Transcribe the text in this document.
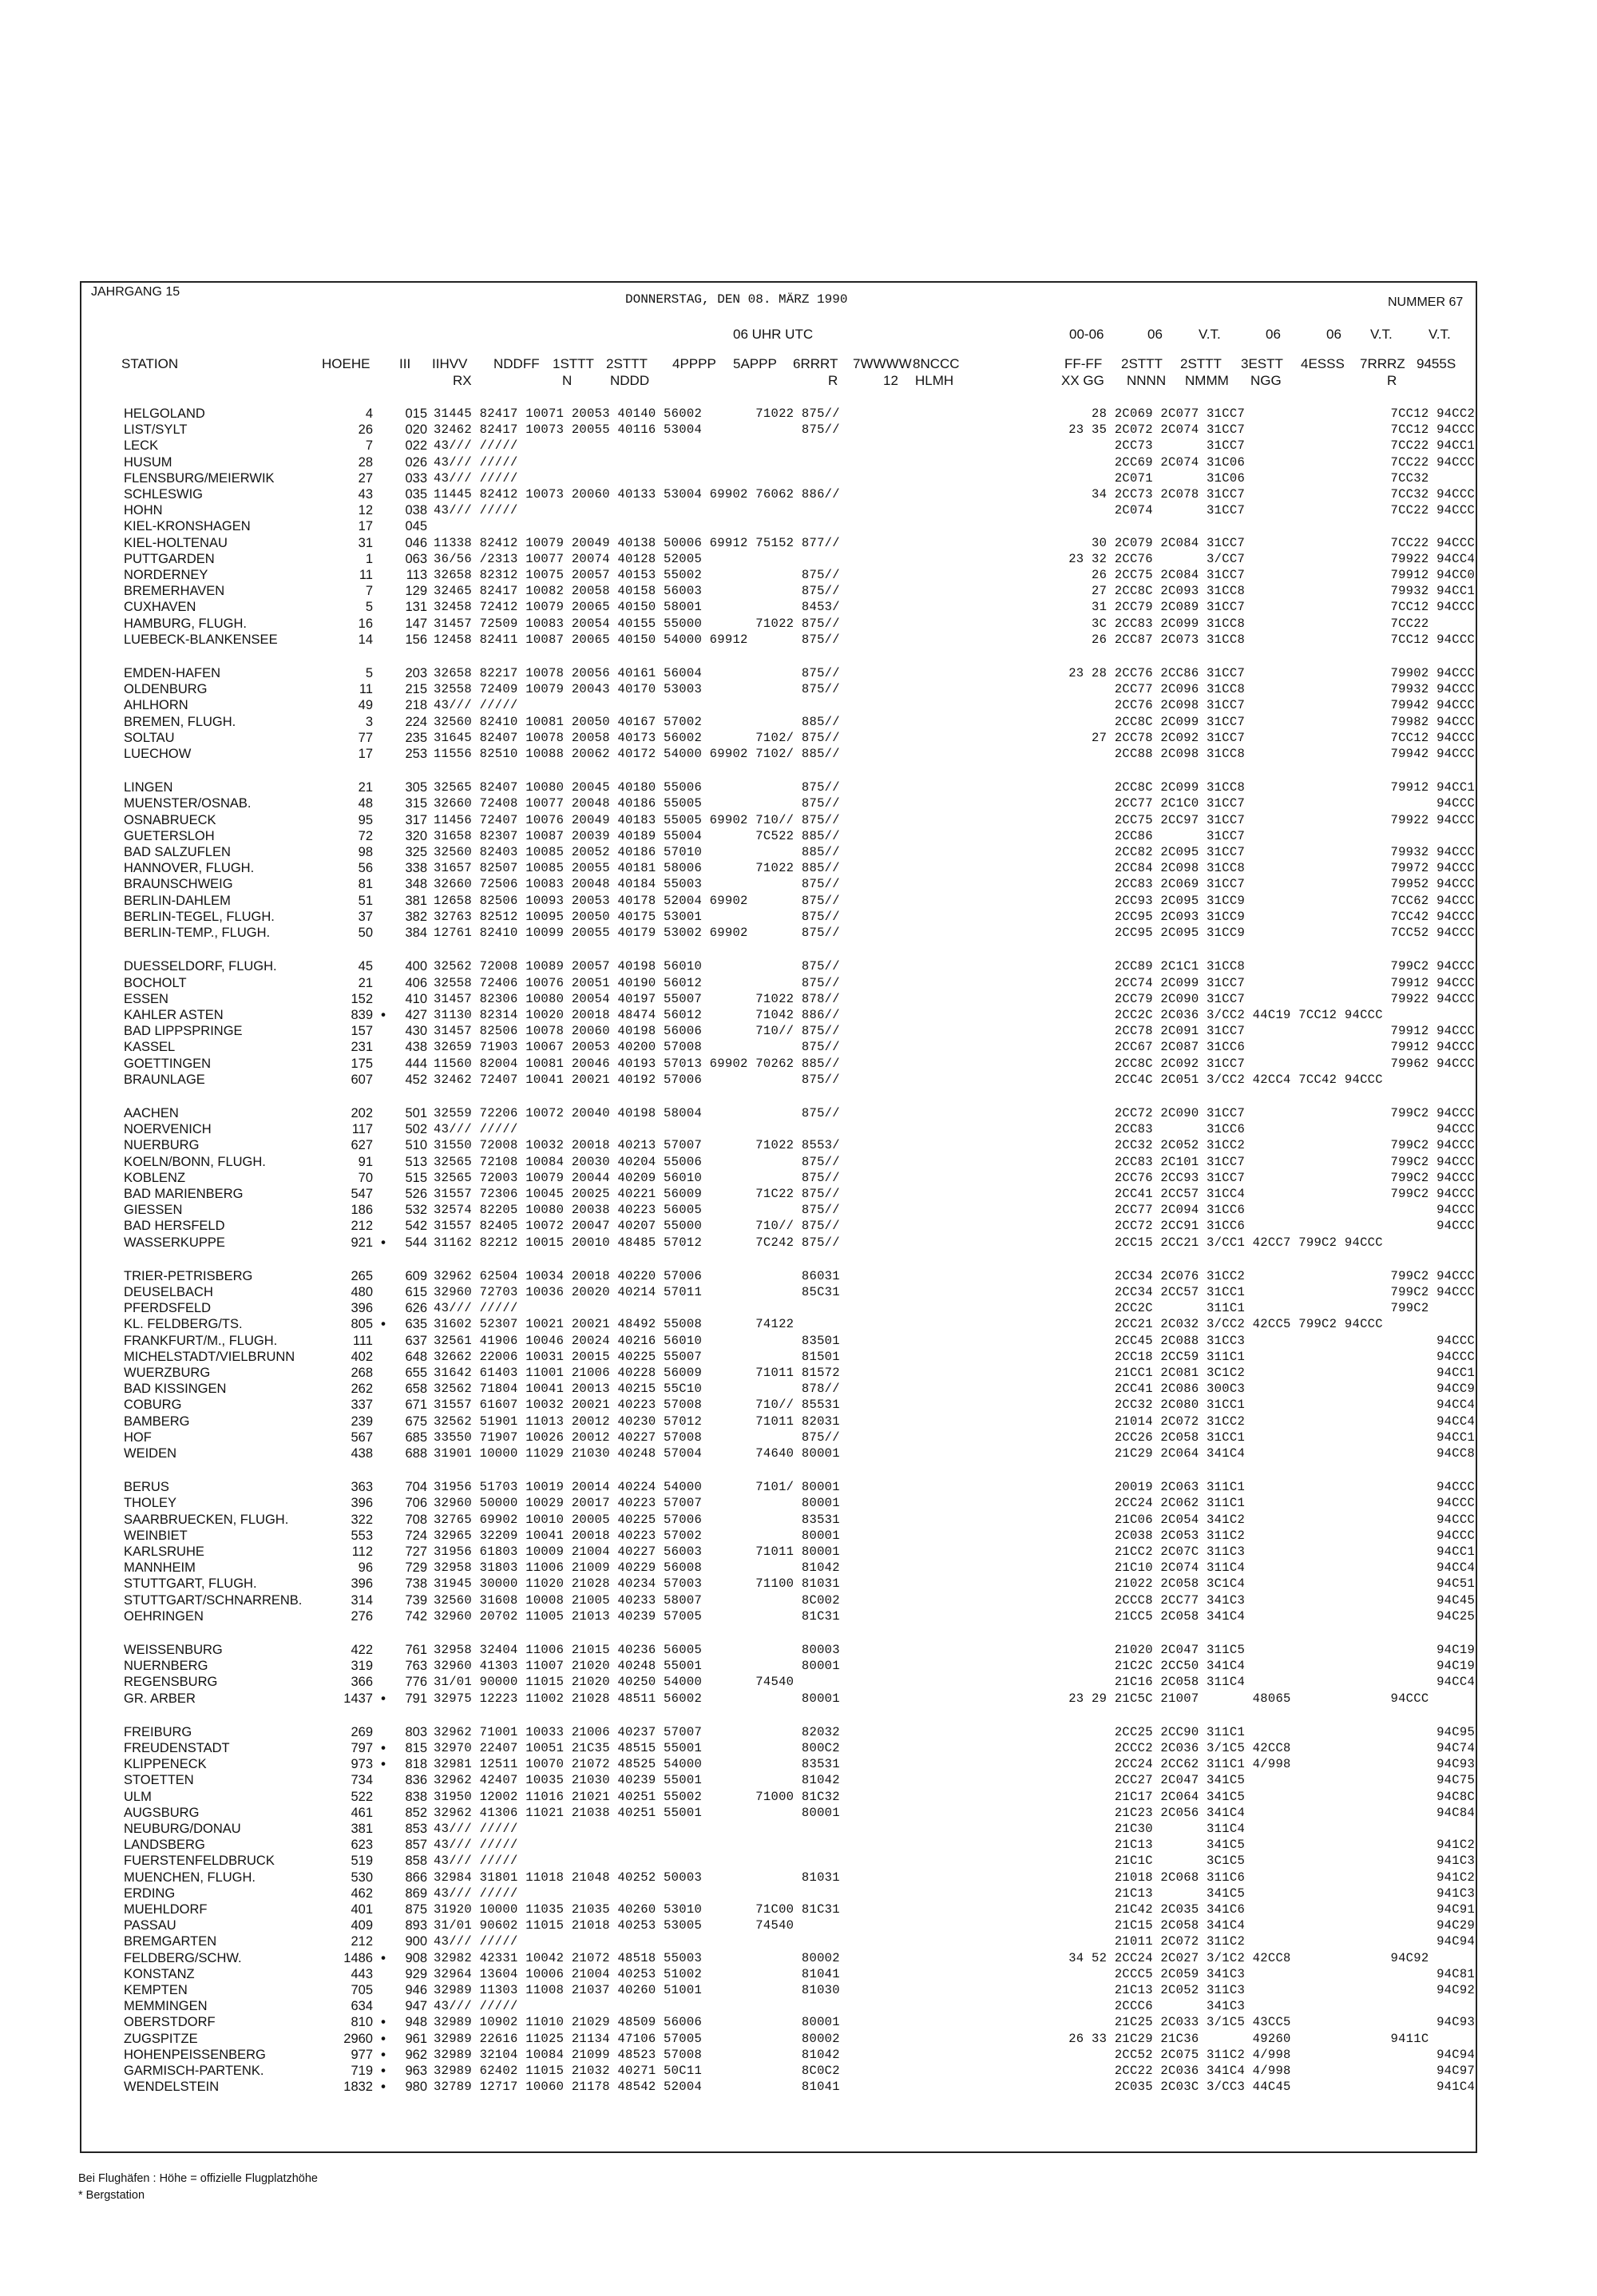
JAHRGANG 15
DONNERSTAG, DEN 08. MÄRZ 1990	NUMMER 67
06 UHR UTC	00-06	06	V.T.	06	06 V.T.	V.T.
STATION	HOEHE III IIHVV NDDFF 1STTT 2STTT 4PPPP 5APPP 6RRRT 7WWWW 8NCCC
RX	N	NDDD	R	12 HLMH
FF-FF 2STTT 2STTT 3ESTT 4ESSS 7RRRZ 9455S
XX GG NNNN NMMM NGG	R
HELGOLAND	4		015	31445 82417 10071 20053 40140 56002       71022 875//	28 2C069 2C077 31CC7                   7CC12 94CC2
LIST/SYLT	26		020	32462 82417 10073 20055 40116 53004             875//	23 35 2C072 2C074 31CC7                   7CC12 94CCC
LECK	7		022	43/// /////	2CC73       31CC7                   7CC22 94CC1
HUSUM	28		026	43/// /////	2CC69 2C074 31C06                   7CC22 94CCC
FLENSBURG/MEIERWIK	27		033	43/// /////	2C071       31C06                   7CC32
SCHLESWIG	43		035	11445 82412 10073 20060 40133 53004 69902 76062 886//	34 2CC73 2C078 31CC7                   7CC32 94CCC
HOHN	12		038	43/// /////	2C074       31CC7                   7CC22 94CCC
KIEL-KRONSHAGEN	17		045		
KIEL-HOLTENAU	31		046	11338 82412 10079 20049 40138 50006 69912 75152 877//	30 2C079 2C084 31CC7                   7CC22 94CCC
PUTTGARDEN	1		063	36/56 /2313 10077 20074 40128 52005	23 32 2CC76       3/CC7                   79922 94CC4
NORDERNEY	11		113	32658 82312 10075 20057 40153 55002             875//	26 2CC75 2C084 31CC7                   79912 94CC0
BREMERHAVEN	7		129	32465 82417 10082 20058 40158 56003             875//	27 2CC8C 2C093 31CC8                   79932 94CC1
CUXHAVEN	5		131	32458 72412 10079 20065 40150 58001             8453/	31 2CC79 2C089 31CC7                   7CC12 94CCC
HAMBURG, FLUGH.	16		147	31457 72509 10083 20054 40155 55000       71022 875//	3C 2CC83 2C099 31CC8                   7CC22
LUEBECK-BLANKENSEE	14		156	12458 82411 10087 20065 40150 54000 69912       875//	26 2CC87 2C073 31CC8                   7CC12 94CCC

EMDEN-HAFEN	5		203	32658 82217 10078 20056 40161 56004             875//	23 28 2CC76 2CC86 31CC7                   79902 94CCC
OLDENBURG	11		215	32558 72409 10079 20043 40170 53003             875//	2CC77 2C096 31CC8                   79932 94CCC
AHLHORN	49		218	43/// /////	2CC76 2C098 31CC7                   79942 94CCC
BREMEN, FLUGH.	3		224	32560 82410 10081 20050 40167 57002             885//	2CC8C 2C099 31CC7                   79982 94CCC
SOLTAU	77		235	31645 82407 10078 20058 40173 56002       7102/ 875//	27 2CC78 2C092 31CC7                   7CC12 94CCC
LUECHOW	17		253	11556 82510 10088 20062 40172 54000 69902 7102/ 885//	2CC88 2C098 31CC8                   79942 94CCC

LINGEN	21		305	32565 82407 10080 20045 40180 55006             875//	2CC8C 2C099 31CC8                   79912 94CC1
MUENSTER/OSNAB.	48		315	32660 72408 10077 20048 40186 55005             875//	2CC77 2C1C0 31CC7                         94CCC
OSNABRUECK	95		317	11456 72407 10076 20049 40183 55005 69902 710// 875//	2CC75 2CC97 31CC7                   79922 94CCC
GUETERSLOH	72		320	31658 82307 10087 20039 40189 55004       7C522 885//	2CC86       31CC7
BAD SALZUFLEN	98		325	32560 82403 10085 20052 40186 57010             885//	2CC82 2C095 31CC7                   79932 94CCC
HANNOVER, FLUGH.	56		338	31657 82507 10085 20055 40181 58006       71022 885//	2CC84 2C098 31CC8                   79972 94CCC
BRAUNSCHWEIG	81		348	32660 72506 10083 20048 40184 55003             875//	2CC83 2C069 31CC7                   79952 94CCC
BERLIN-DAHLEM	51		381	12658 82506 10093 20053 40178 52004 69902       875//	2CC93 2C095 31CC9                   7CC62 94CCC
BERLIN-TEGEL, FLUGH.	37		382	32763 82512 10095 20050 40175 53001             875//	2CC95 2C093 31CC9                   7CC42 94CCC
BERLIN-TEMP., FLUGH.	50		384	12761 82410 10099 20055 40179 53002 69902       875//	2CC95 2C095 31CC9                   7CC52 94CCC

DUESSELDORF, FLUGH.	45		400	32562 72008 10089 20057 40198 56010             875//	2CC89 2C1C1 31CC8                   799C2 94CCC
BOCHOLT	21		406	32558 72406 10076 20051 40190 56012             875//	2CC74 2C099 31CC7                   79912 94CCC
ESSEN	152		410	31457 82306 10080 20054 40197 55007       71022 878//	2CC79 2C090 31CC7                   79922 94CCC
KAHLER ASTEN	839	•	427	31130 82314 10020 20018 48474 56012       71042 886//	2CC2C 2C036 3/CC2 44C19 7CC12 94CCC
BAD LIPPSPRINGE	157		430	31457 82506 10078 20060 40198 56006       710// 875//	2CC78 2C091 31CC7                   79912 94CCC
KASSEL	231		438	32659 71903 10067 20053 40200 57008             875//	2CC67 2C087 31CC6                   79912 94CCC
GOETTINGEN	175		444	11560 82004 10081 20046 40193 57013 69902 70262 885//	2CC8C 2C092 31CC7                   79962 94CCC
BRAUNLAGE	607		452	32462 72407 10041 20021 40192 57006             875//	2CC4C 2C051 3/CC2 42CC4 7CC42 94CCC

AACHEN	202		501	32559 72206 10072 20040 40198 58004             875//	2CC72 2C090 31CC7                   799C2 94CCC
NOERVENICH	117		502	43/// /////	2CC83       31CC6                         94CCC
NUERBURG	627		510	31550 72008 10032 20018 40213 57007       71022 8553/	2CC32 2C052 31CC2                   799C2 94CCC
KOELN/BONN, FLUGH.	91		513	32565 72108 10084 20030 40204 55006             875//	2CC83 2C101 31CC7                   799C2 94CCC
KOBLENZ	70		515	32565 72003 10079 20044 40209 56010             875//	2CC76 2CC93 31CC7                   799C2 94CCC
BAD MARIENBERG	547		526	31557 72306 10045 20025 40221 56009       71C22 875//	2CC41 2CC57 31CC4                   799C2 94CCC
GIESSEN	186		532	32574 82205 10080 20038 40223 56005             875//	2CC77 2C094 31CC6                         94CCC
BAD HERSFELD	212		542	31557 82405 10072 20047 40207 55000       710// 875//	2CC72 2CC91 31CC6                         94CCC
WASSERKUPPE	921	•	544	31162 82212 10015 20010 48485 57012       7C242 875//	2CC15 2CC21 3/CC1 42CC7 799C2 94CCC

TRIER-PETRISBERG	265		609	32962 62504 10034 20018 40220 57006             86031	2CC34 2C076 31CC2                   799C2 94CCC
DEUSELBACH	480		615	32960 72703 10036 20020 40214 57011             85C31	2CC34 2CC57 31CC1                   799C2 94CCC
PFERDSFELD	396		626	43/// /////	2CC2C       311C1                   799C2
KL. FELDBERG/TS.	805	•	635	31602 52307 10021 20021 48492 55008       74122	2CC21 2C032 3/CC2 42CC5 799C2 94CCC
FRANKFURT/M., FLUGH.	111		637	32561 41906 10046 20024 40216 56010             83501	2CC45 2C088 31CC3                         94CCC
MICHELSTADT/VIELBRUNN	402		648	32662 22006 10031 20015 40225 55007             81501	2CC18 2CC59 311C1                         94CCC
WUERZBURG	268		655	31642 61403 11001 21006 40228 56009       71011 81572	21CC1 2C081 3C1C2                         94CC1
BAD KISSINGEN	262		658	32562 71804 10041 20013 40215 55C10             878//	2CC41 2C086 300C3                         94CC9
COBURG	337		671	31557 61607 10032 20021 40223 57008       710// 85531	2CC32 2C080 31CC1                         94CC4
BAMBERG	239		675	32562 51901 11013 20012 40230 57012       71011 82031	21014 2C072 31CC2                         94CC4
HOF	567		685	33550 71907 10026 20012 40227 57008             875//	2CC26 2C058 31CC1                         94CC1
WEIDEN	438		688	31901 10000 11029 21030 40248 57004       74640 80001	21C29 2C064 341C4                         94CC8

BERUS	363		704	31956 51703 10019 20014 40224 54000       7101/ 80001	20019 2C063 311C1                         94CCC
THOLEY	396		706	32960 50000 10029 20017 40223 57007             80001	2CC24 2C062 311C1                         94CCC
SAARBRUECKEN, FLUGH.	322		708	32765 69902 10010 20005 40225 57006             83531	21C06 2C054 341C2                         94CCC
WEINBIET	553		724	32965 32209 10041 20018 40223 57002             80001	2C038 2C053 311C2                         94CCC
KARLSRUHE	112		727	31956 61803 10009 21004 40227 56003       71011 80001	21CC2 2C07C 311C3                         94CC1
MANNHEIM	96		729	32958 31803 11006 21009 40229 56008             81042	21C10 2C074 311C4                         94CC4
STUTTGART, FLUGH.	396		738	31945 30000 11020 21028 40234 57003       71100 81031	21022 2C058 3C1C4                         94C51
STUTTGART/SCHNARRENB.	314		739	32560 31608 10008 21005 40233 58007             8C002	2CCC8 2CC77 341C3                         94C45
OEHRINGEN	276		742	32960 20702 11005 21013 40239 57005             81C31	21CC5 2C058 341C4                         94C25

WEISSENBURG	422		761	32958 32404 11006 21015 40236 56005             80003	21020 2C047 311C5                         94C19
NUERNBERG	319		763	32960 41303 11007 21020 40248 55001             80001	21C2C 2CC50 341C4                         94C19
REGENSBURG	366		776	31/01 90000 11015 21020 40250 54000       74540	21C16 2C058 311C4                         94CC4
GR. ARBER	1437	•	791	32975 12223 11002 21028 48511 56002             80001	23 29 21C5C 21007       48065             94CCC

FREIBURG	269		803	32962 71001 10033 21006 40237 57007             82032	2CC25 2CC90 311C1                         94C95
FREUDENSTADT	797	•	815	32970 22407 10051 21C35 48515 55001             800C2	2CCC2 2C036 3/1C5 42CC8                   94C74
KLIPPENECK	973	•	818	32981 12511 10070 21072 48525 54000             83531	2CC24 2CC62 311C1 4/998                   94C93
STOETTEN	734		836	32962 42407 10035 21030 40239 55001             81042	2CC27 2C047 341C5                         94C75
ULM	522		838	31950 12002 11016 21021 40251 55002       71000 81C32	21C17 2C064 341C5                         94C8C
AUGSBURG	461		852	32962 41306 11021 21038 40251 55001             80001	21C23 2C056 341C4                         94C84
NEUBURG/DONAU	381		853	43/// /////	21C30       311C4
LANDSBERG	623		857	43/// /////	21C13       341C5                         941C2
FUERSTENFELDBRUCK	519		858	43/// /////	21C1C       3C1C5                         941C3
MUENCHEN, FLUGH.	530		866	32984 31801 11018 21048 40252 50003             81031	21018 2C068 311C6                         941C2
ERDING	462		869	43/// /////	21C13       341C5                         941C3
MUEHLDORF	401		875	31920 10000 11035 21035 40260 53010       71C00 81C31	21C42 2C035 341C6                         94C91
PASSAU	409		893	31/01 90602 11015 21018 40253 53005       74540	21C15 2C058 341C4                         94C29
BREMGARTEN	212		900	43/// /////	21011 2C072 311C2                         94C94
FELDBERG/SCHW.	1486	•	908	32982 42331 10042 21072 48518 55003             80002	34 52 2CC24 2C027 3/1C2 42CC8             94C92
KONSTANZ	443		929	32964 13604 10006 21004 40253 51002             81041	2CCC5 2C059 341C3                         94C81
KEMPTEN	705		946	32989 11303 11008 21037 40260 51001             81030	21C13 2C052 311C3                         94C92
MEMMINGEN	634		947	43/// /////	2CCC6       341C3
OBERSTDORF	810	•	948	32989 10902 11010 21029 48509 56006             80001	21C25 2C033 3/1C5 43CC5                   94C93
ZUGSPITZE	2960	•	961	32989 22616 11025 21134 47106 57005             80002	26 33 21C29 21C36       49260             9411C
HOHENPEISSENBERG	977	•	962	32989 32104 10084 21099 48523 57008             81042	2CC52 2C075 311C2 4/998                   94C94
GARMISCH-PARTENK.	719	•	963	32989 62402 11015 21032 40271 50C11             8C0C2	2CC22 2C036 341C4 4/998                   94C97
WENDELSTEIN	1832	•	980	32789 12717 10060 21178 48542 52004             81041	2C035 2C03C 3/CC3 44C45                   941C4
Bei Flughäfen : Höhe = offizielle Flugplatzhöhe
* Bergstation
